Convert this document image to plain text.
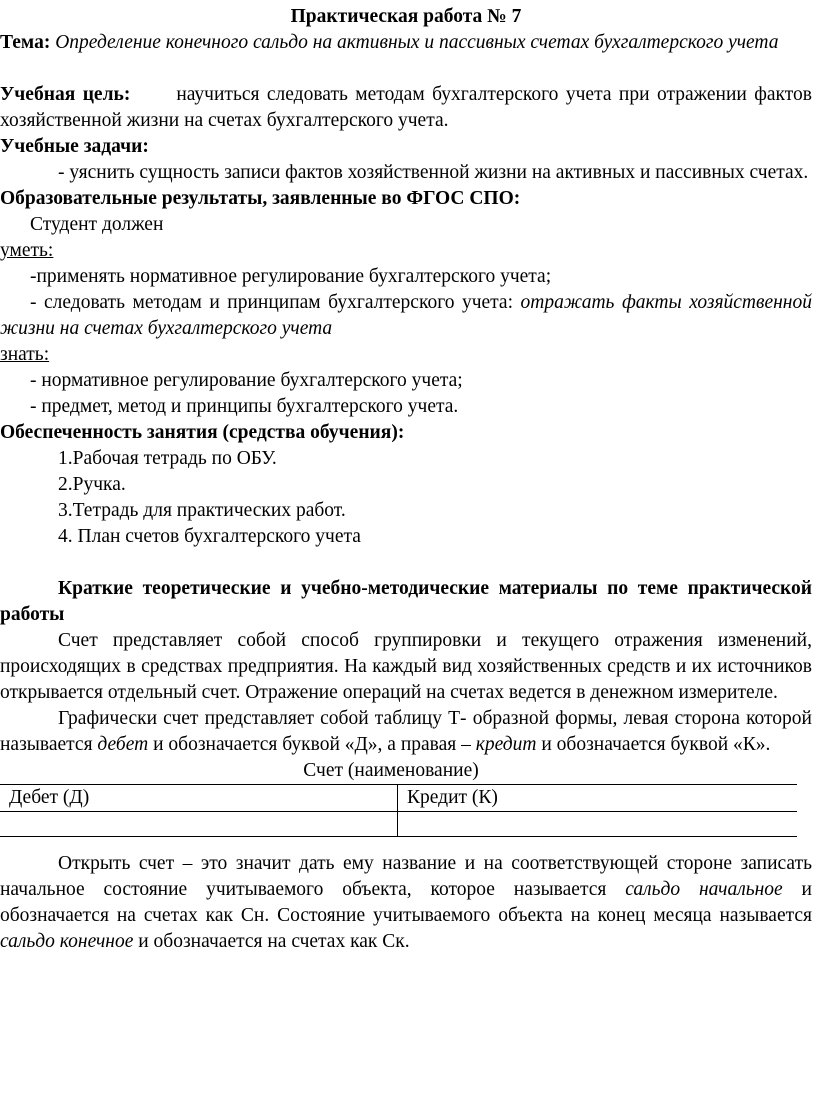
Практическая работа № 7

Тема: Определение конечного сальдо на активных и пассивных счетах бухгалтерского учета

Учебная цель: научиться следовать методам бухгалтерского учета при отражении фактов хозяйственной жизни на счетах бухгалтерского учета.

Учебные задачи:

- уяснить сущность записи фактов хозяйственной жизни на активных и пассивных счетах.

Образовательные результаты, заявленные во ФГОС СПО:

Студент должен

уметь:

-применять нормативное регулирование бухгалтерского учета;

- следовать методам и принципам бухгалтерского учета: отражать факты хозяйственной жизни на счетах бухгалтерского учета

знать:

- нормативное регулирование бухгалтерского учета;

- предмет, метод и принципы бухгалтерского учета.

Обеспеченность занятия (средства обучения):

1.Рабочая тетрадь по ОБУ.

2.Ручка.

3.Тетрадь для практических работ.

4. План счетов бухгалтерского учета

Краткие теоретические и учебно-методические материалы по теме практической работы

Счет представляет собой способ группировки и текущего отражения изменений, происходящих в средствах предприятия. На каждый вид хозяйственных средств и их источников открывается отдельный счет. Отражение операций на счетах ведется в денежном измерителе.

Графически счет представляет собой таблицу Т- образной формы, левая сторона которой называется дебет и обозначается буквой «Д», а правая – кредит и обозначается буквой «К».

Счет (наименование)

Дебет (Д)	Кредит (К)

Открыть счет – это значит дать ему название и на соответствующей стороне записать начальное состояние учитываемого объекта, которое называется сальдо начальное и обозначается на счетах как Сн. Состояние учитываемого объекта на конец месяца называется сальдо конечное и обозначается на счетах как Ск.
